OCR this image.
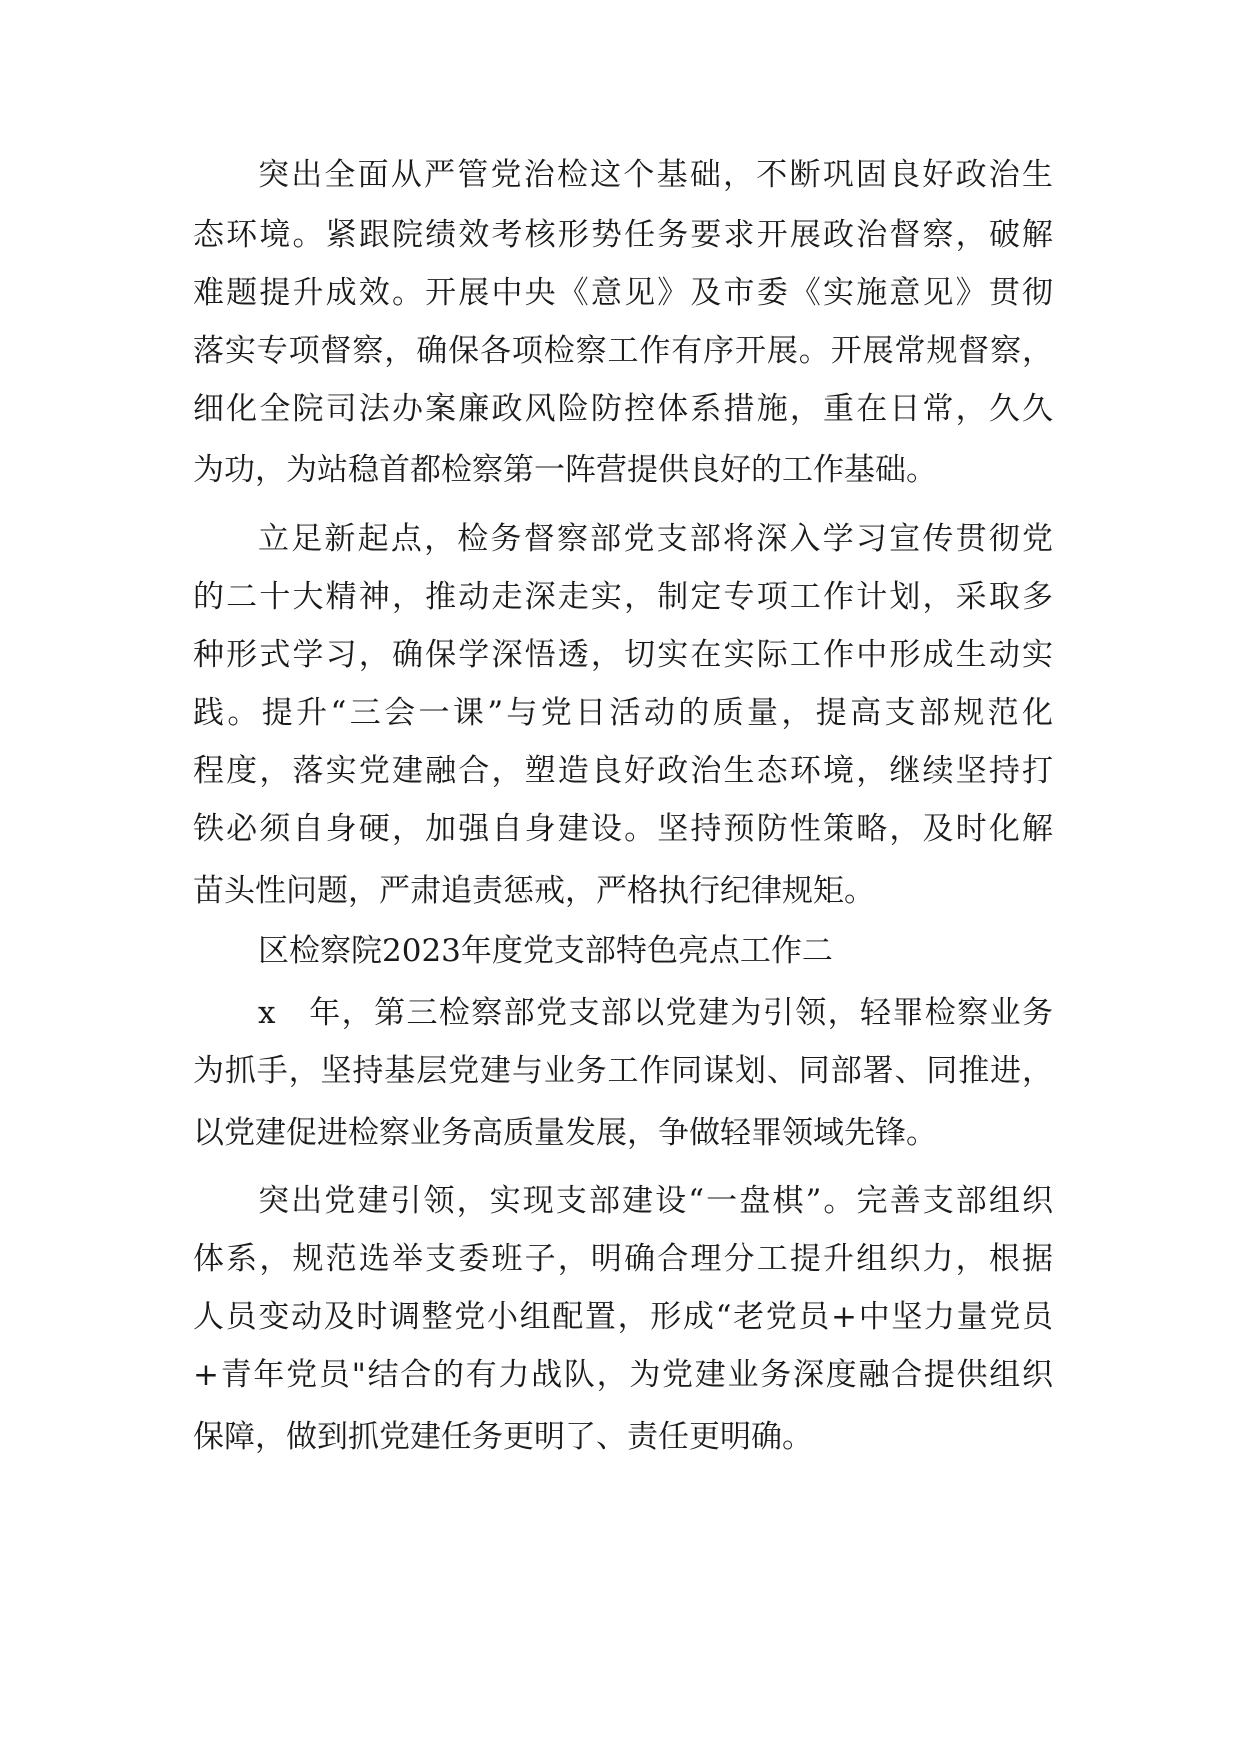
突出全面从严管党治检这个基础，不断巩固良好政治生
态环境。紧跟院绩效考核形势任务要求开展政治督察，破解
难题提升成效。开展中央《意见》及市委《实施意见》贯彻
落实专项督察，确保各项检察工作有序开展。开展常规督察，
细化全院司法办案廉政风险防控体系措施，重在日常，久久
为功，为站稳首都检察第一阵营提供良好的工作基础。
立足新起点，检务督察部党支部将深入学习宣传贯彻党
的二十大精神，推动走深走实，制定专项工作计划，采取多
种形式学习，确保学深悟透，切实在实际工作中形成生动实
践。提升“三会一课”与党日活动的质量，提高支部规范化
程度，落实党建融合，塑造良好政治生态环境，继续坚持打
铁必须自身硬，加强自身建设。坚持预防性策略，及时化解
苗头性问题，严肃追责惩戒，严格执行纪律规矩。
区检察院2023年度党支部特色亮点工作二
x　年，第三检察部党支部以党建为引领，轻罪检察业务
为抓手，坚持基层党建与业务工作同谋划、同部署、同推进，
以党建促进检察业务高质量发展，争做轻罪领域先锋。
突出党建引领，实现支部建设“一盘棋”。完善支部组织
体系，规范选举支委班子，明确合理分工提升组织力，根据
人员变动及时调整党小组配置，形成“老党员+中坚力量党员
+青年党员"结合的有力战队，为党建业务深度融合提供组织
保障，做到抓党建任务更明了、责任更明确。
